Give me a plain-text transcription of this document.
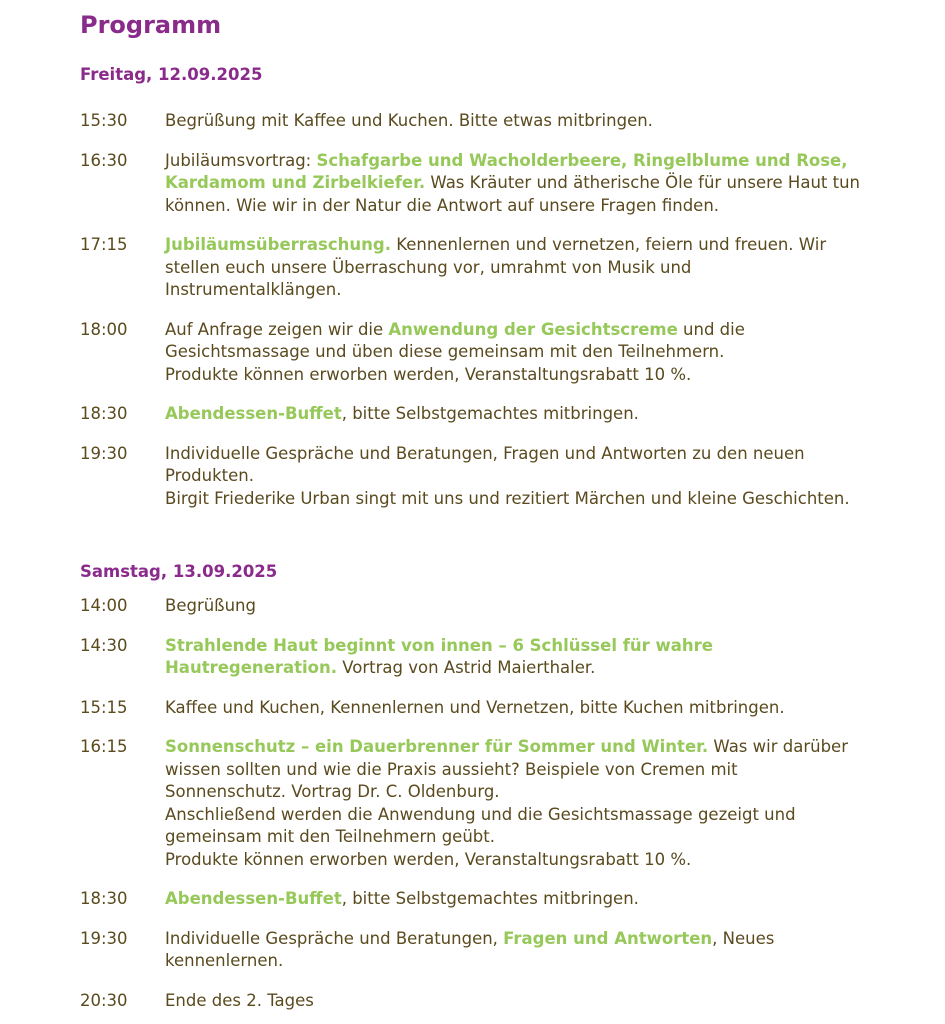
Programm
Freitag, 12.09.2025
15:30	Begrüßung mit Kaffee und Kuchen. Bitte etwas mitbringen.
16:30	Jubiläumsvortrag: Schafgarbe und Wacholderbeere, Ringelblume und Rose,
Kardamom und Zirbelkiefer. Was Kräuter und ätherische Öle für unsere Haut tun
können. Wie wir in der Natur die Antwort auf unsere Fragen finden.
17:15	Jubiläumsüberraschung. Kennenlernen und vernetzen, feiern und freuen. Wir
stellen euch unsere Überraschung vor, umrahmt von Musik und
Instrumentalklängen.
18:00	Auf Anfrage zeigen wir die Anwendung der Gesichtscreme und die
Gesichtsmassage und üben diese gemeinsam mit den Teilnehmern.
Produkte können erworben werden, Veranstaltungsrabatt 10 %.
18:30	Abendessen-Buffet, bitte Selbstgemachtes mitbringen.
19:30	Individuelle Gespräche und Beratungen, Fragen und Antworten zu den neuen
Produkten.
Birgit Friederike Urban singt mit uns und rezitiert Märchen und kleine Geschichten.
Samstag, 13.09.2025
14:00	Begrüßung
14:30	Strahlende Haut beginnt von innen – 6 Schlüssel für wahre
Hautregeneration. Vortrag von Astrid Maierthaler.
15:15	Kaffee und Kuchen, Kennenlernen und Vernetzen, bitte Kuchen mitbringen.
16:15	Sonnenschutz – ein Dauerbrenner für Sommer und Winter. Was wir darüber
wissen sollten und wie die Praxis aussieht? Beispiele von Cremen mit
Sonnenschutz. Vortrag Dr. C. Oldenburg.
Anschließend werden die Anwendung und die Gesichtsmassage gezeigt und
gemeinsam mit den Teilnehmern geübt.
Produkte können erworben werden, Veranstaltungsrabatt 10 %.
18:30	Abendessen-Buffet, bitte Selbstgemachtes mitbringen.
19:30	Individuelle Gespräche und Beratungen, Fragen und Antworten, Neues
kennenlernen.
20:30	Ende des 2. Tages
